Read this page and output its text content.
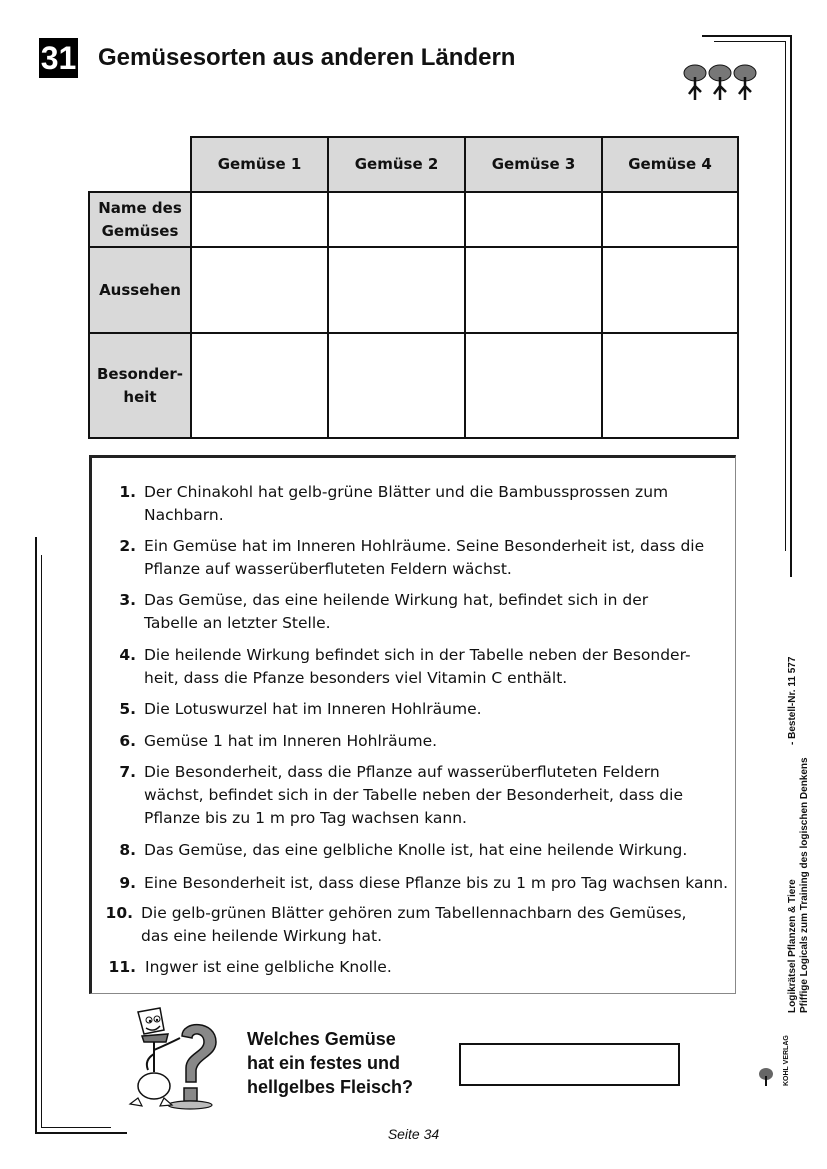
31 Gemüsesorten aus anderen Ländern
Gemüse 1	Gemüse 2	Gemüse 3	Gemüse 4
Name des
Gemüses
Aussehen
Besonder-
heit
1. Der Chinakohl hat gelb-grüne Blätter und die Bambussprossen zum
Nachbarn.
2. Ein Gemüse hat im Inneren Hohlräume. Seine Besonderheit ist, dass die
Pflanze auf wasserüberfluteten Feldern wächst.
3. Das Gemüse, das eine heilende Wirkung hat, befindet sich in der
Tabelle an letzter Stelle.
4. Die heilende Wirkung befindet sich in der Tabelle neben der Besonder-
heit, dass die Pfanze besonders viel Vitamin C enthält.
5. Die Lotuswurzel hat im Inneren Hohlräume.
6. Gemüse 1 hat im Inneren Hohlräume.
7. Die Besonderheit, dass die Pflanze auf wasserüberfluteten Feldern
wächst, befindet sich in der Tabelle neben der Besonderheit, dass die
Pflanze bis zu 1 m pro Tag wachsen kann.
8. Das Gemüse, das eine gelbliche Knolle ist, hat eine heilende Wirkung.
9. Eine Besonderheit ist, dass diese Pflanze bis zu 1 m pro Tag wachsen kann.
10. Die gelb-grünen Blätter gehören zum Tabellennachbarn des Gemüses,
das eine heilende Wirkung hat.
11. Ingwer ist eine gelbliche Knolle.
Welches Gemüse
hat ein festes und
hellgelbes Fleisch?
Logikrätsel Pflanzen & Tiere Pfiffige Logicals zum Training des logischen Denkens
- Bestell-Nr. 11 577
KOHL VERLAG
Seite 34
